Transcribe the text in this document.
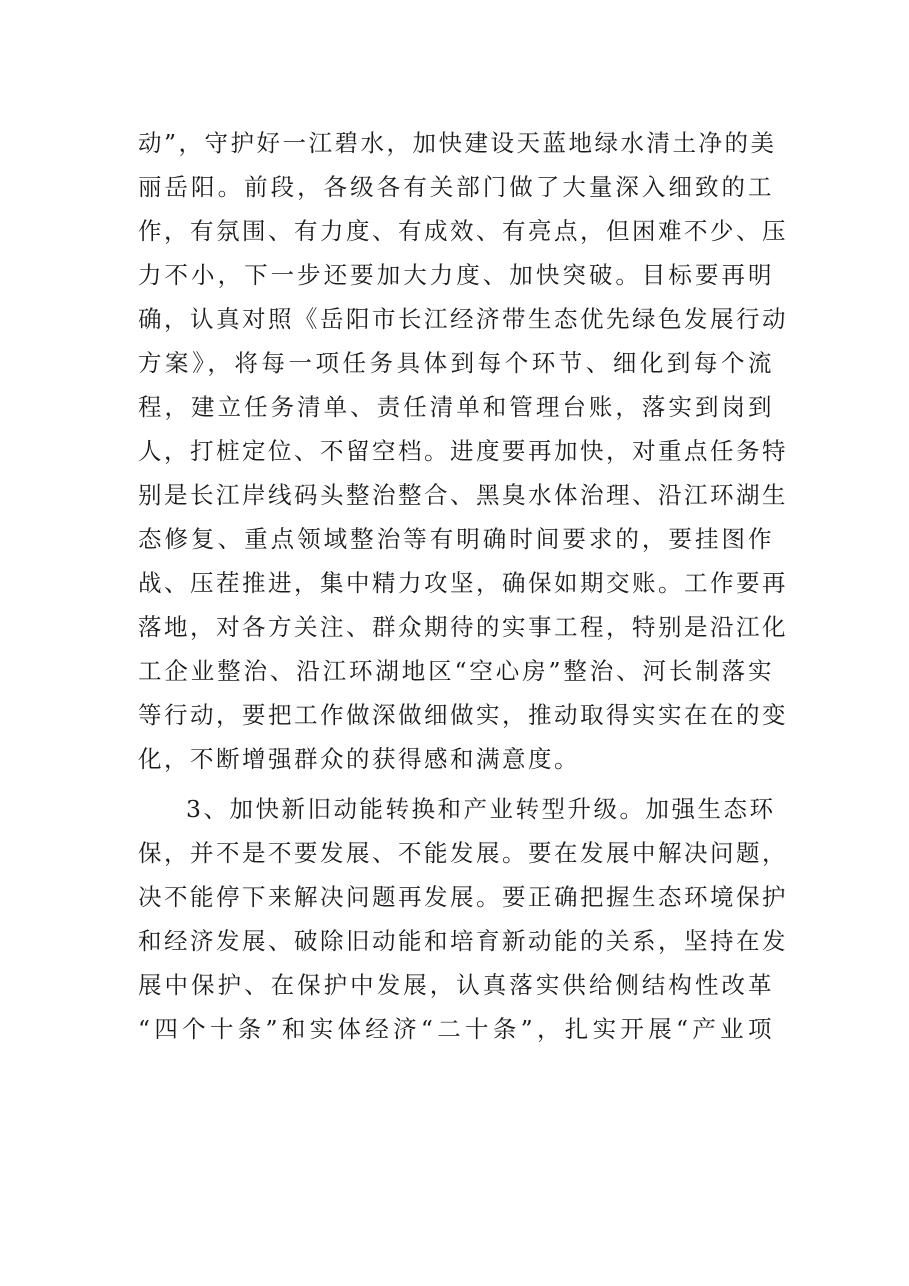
动”，守护好一江碧水，加快建设天蓝地绿水清土净的美
丽岳阳。前段，各级各有关部门做了大量深入细致的工
作，有氛围、有力度、有成效、有亮点，但困难不少、压
力不小，下一步还要加大力度、加快突破。目标要再明
确，认真对照《岳阳市长江经济带生态优先绿色发展行动
方案》，将每一项任务具体到每个环节、细化到每个流
程，建立任务清单、责任清单和管理台账，落实到岗到
人，打桩定位、不留空档。进度要再加快，对重点任务特
别是长江岸线码头整治整合、黑臭水体治理、沿江环湖生
态修复、重点领域整治等有明确时间要求的，要挂图作
战、压茬推进，集中精力攻坚，确保如期交账。工作要再
落地，对各方关注、群众期待的实事工程，特别是沿江化
工企业整治、沿江环湖地区“空心房”整治、河长制落实
等行动，要把工作做深做细做实，推动取得实实在在的变
化，不断增强群众的获得感和满意度。
3、加快新旧动能转换和产业转型升级。加强生态环
保，并不是不要发展、不能发展。要在发展中解决问题，
决不能停下来解决问题再发展。要正确把握生态环境保护
和经济发展、破除旧动能和培育新动能的关系，坚持在发
展中保护、在保护中发展，认真落实供给侧结构性改革
“四个十条”和实体经济“二十条”，扎实开展“产业项
